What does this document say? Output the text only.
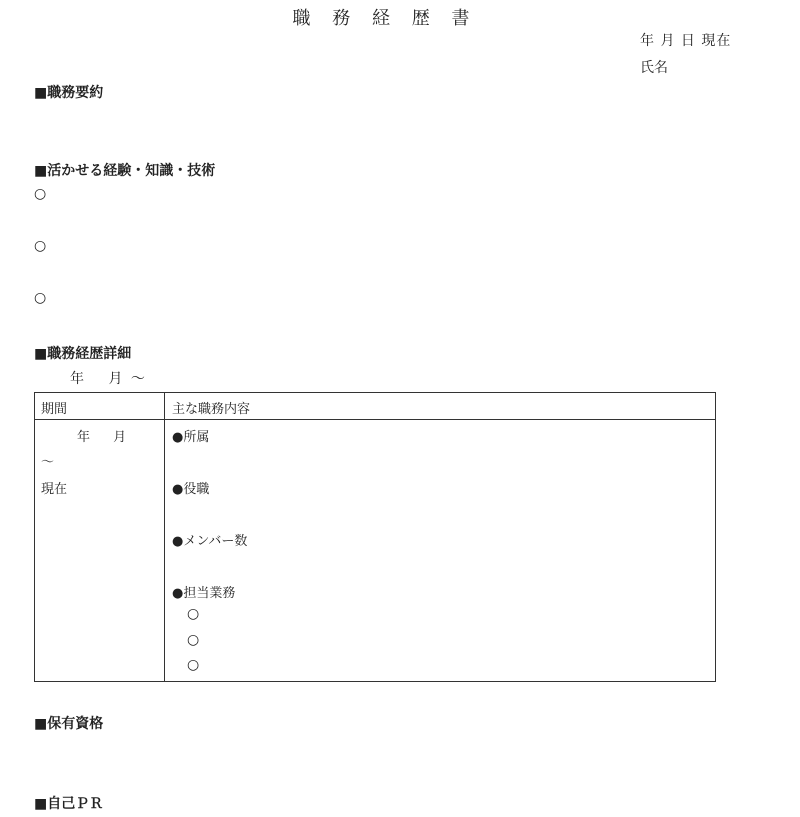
職 務 経 歴 書
年 月 日 現在
氏名
■職務要約
■活かせる経験・知識・技術
○
○
○
■職務経歴詳細
年　 月 ～
期間	主な職務内容
年　 月
～
現在
●所属
●役職
●メンバー数
●担当業務
○
○
○
■保有資格
■自己ＰＲ
